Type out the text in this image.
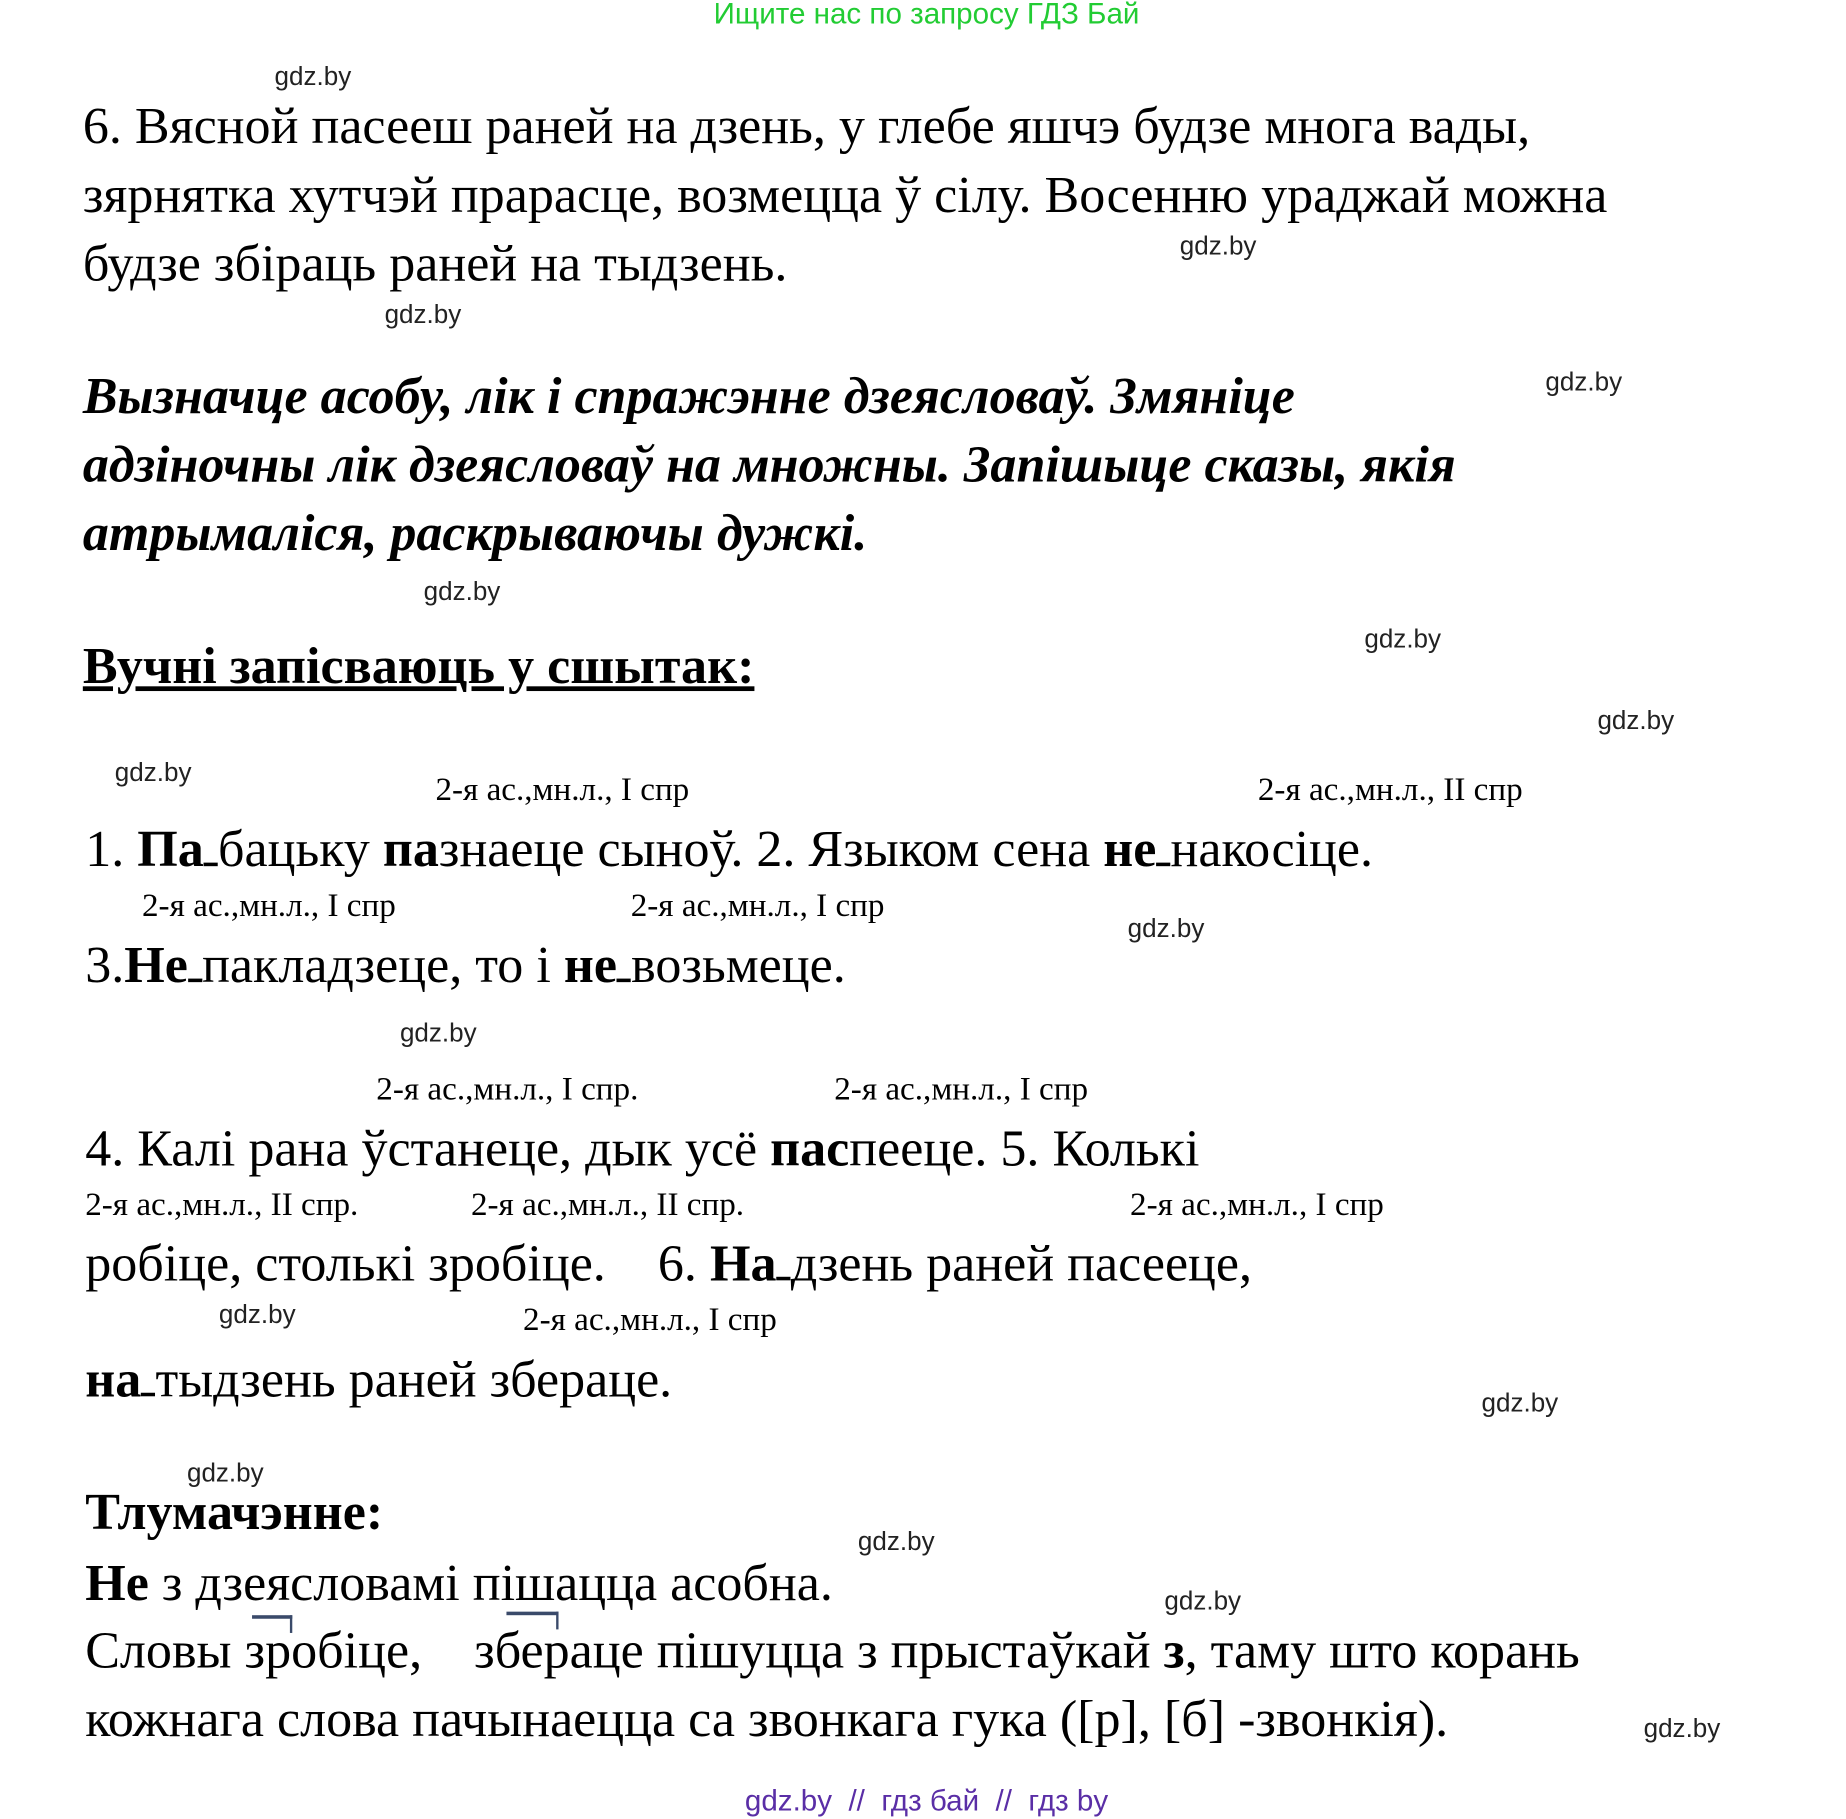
Ищите нас по запросу ГДЗ Бай
6. Вясной пасееш раней на дзень, у глебе яшчэ будзе многа вады,
зярнятка хутчэй прарасце, возмецца ў сілу. Восенню ураджай можна
будзе збіраць раней на тыдзень.
Вызначце асобу, лік і спражэнне дзеясловаў. Змяніце
адзіночны лік дзеясловаў на множны. Запішыце сказы, якія
атрымаліся, раскрываючы дужкі.
Вучні запісваюць у сшытак:
2-я ас.,мн.л., I спр	2-я ас.,мн.л., II спр
1. Па бацьку пазнаеце сыноў. 2. Языком сена не накосіце.
2-я ас.,мн.л., I спр	2-я ас.,мн.л., I спр
3.Не пакладзеце, то і не возьмеце.
2-я ас.,мн.л., I спр.	2-я ас.,мн.л., I спр
4. Калі рана ўстанеце, дык усё паспееце. 5. Колькі
2-я ас.,мн.л., II спр.	2-я ас.,мн.л., II спр.	2-я ас.,мн.л., I спр
робіце, столькі зробіце.    6. На дзень раней пасееце,
2-я ас.,мн.л., I спр
на тыдзень раней збераце.
Тлумачэнне:
Не з дзеясловамі пішацца асобна.
Словы зробіце,    збераце пішуцца з прыстаўкай з, таму што корань
кожнага слова пачынаецца са звонкага гука ([р], [б] -звонкія).
gdz.by
gdz.by
gdz.by
gdz.by
gdz.by
gdz.by
gdz.by
gdz.by
gdz.by
gdz.by
gdz.by
gdz.by
gdz.by
gdz.by
gdz.by
gdz.by
gdz.by  //  гдз бай  //  гдз by
